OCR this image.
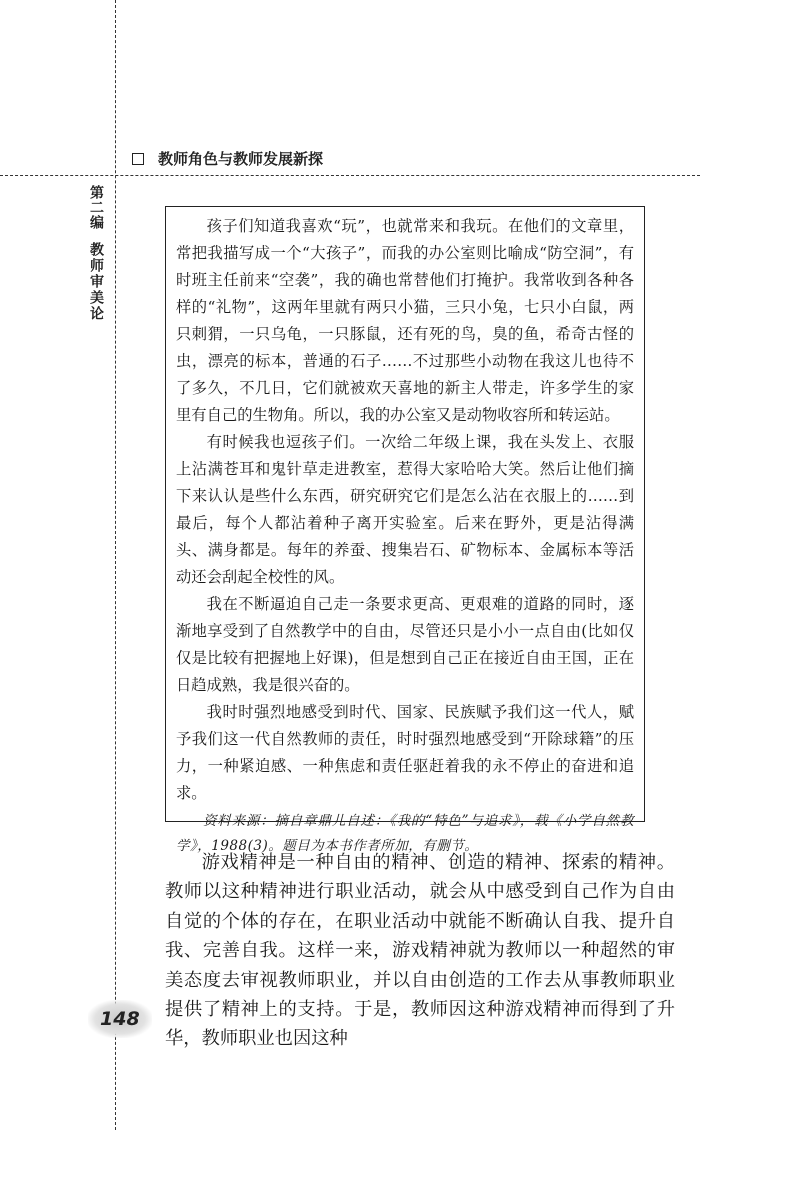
教师角色与教师发展新探
第二编
教师审美论

孩子们知道我喜欢“玩”，也就常来和我玩。在他们的文章里，常把我描写成一个“大孩子”，而我的办公室则比喻成“防空洞”，有时班主任前来“空袭”，我的确也常替他们打掩护。我常收到各种各样的“礼物”，这两年里就有两只小猫，三只小兔，七只小白鼠，两只刺猬，一只乌龟，一只豚鼠，还有死的鸟，臭的鱼，希奇古怪的虫，漂亮的标本，普通的石子……不过那些小动物在我这儿也待不了多久，不几日，它们就被欢天喜地的新主人带走，许多学生的家里有自己的生物角。所以，我的办公室又是动物收容所和转运站。

有时候我也逗孩子们。一次给二年级上课，我在头发上、衣服上沾满苍耳和鬼针草走进教室，惹得大家哈哈大笑。然后让他们摘下来认认是些什么东西，研究研究它们是怎么沾在衣服上的……到最后，每个人都沾着种子离开实验室。后来在野外，更是沾得满头、满身都是。每年的养蚕、搜集岩石、矿物标本、金属标本等活动还会刮起全校性的风。

我在不断逼迫自己走一条要求更高、更艰难的道路的同时，逐渐地享受到了自然教学中的自由，尽管还只是小小一点自由(比如仅仅是比较有把握地上好课)，但是想到自己正在接近自由王国，正在日趋成熟，我是很兴奋的。

我时时强烈地感受到时代、国家、民族赋予我们这一代人，赋予我们这一代自然教师的责任，时时强烈地感受到“开除球籍”的压力，一种紧迫感、一种焦虑和责任驱赶着我的永不停止的奋进和追求。

资料来源：摘自章鼎儿自述：《我的“特色”与追求》，载《小学自然教学》，1988(3)。题目为本书作者所加，有删节。

游戏精神是一种自由的精神、创造的精神、探索的精神。教师以这种精神进行职业活动，就会从中感受到自己作为自由自觉的个体的存在，在职业活动中就能不断确认自我、提升自我、完善自我。这样一来，游戏精神就为教师以一种超然的审美态度去审视教师职业，并以自由创造的工作去从事教师职业提供了精神上的支持。于是，教师因这种游戏精神而得到了升华，教师职业也因这种

148
